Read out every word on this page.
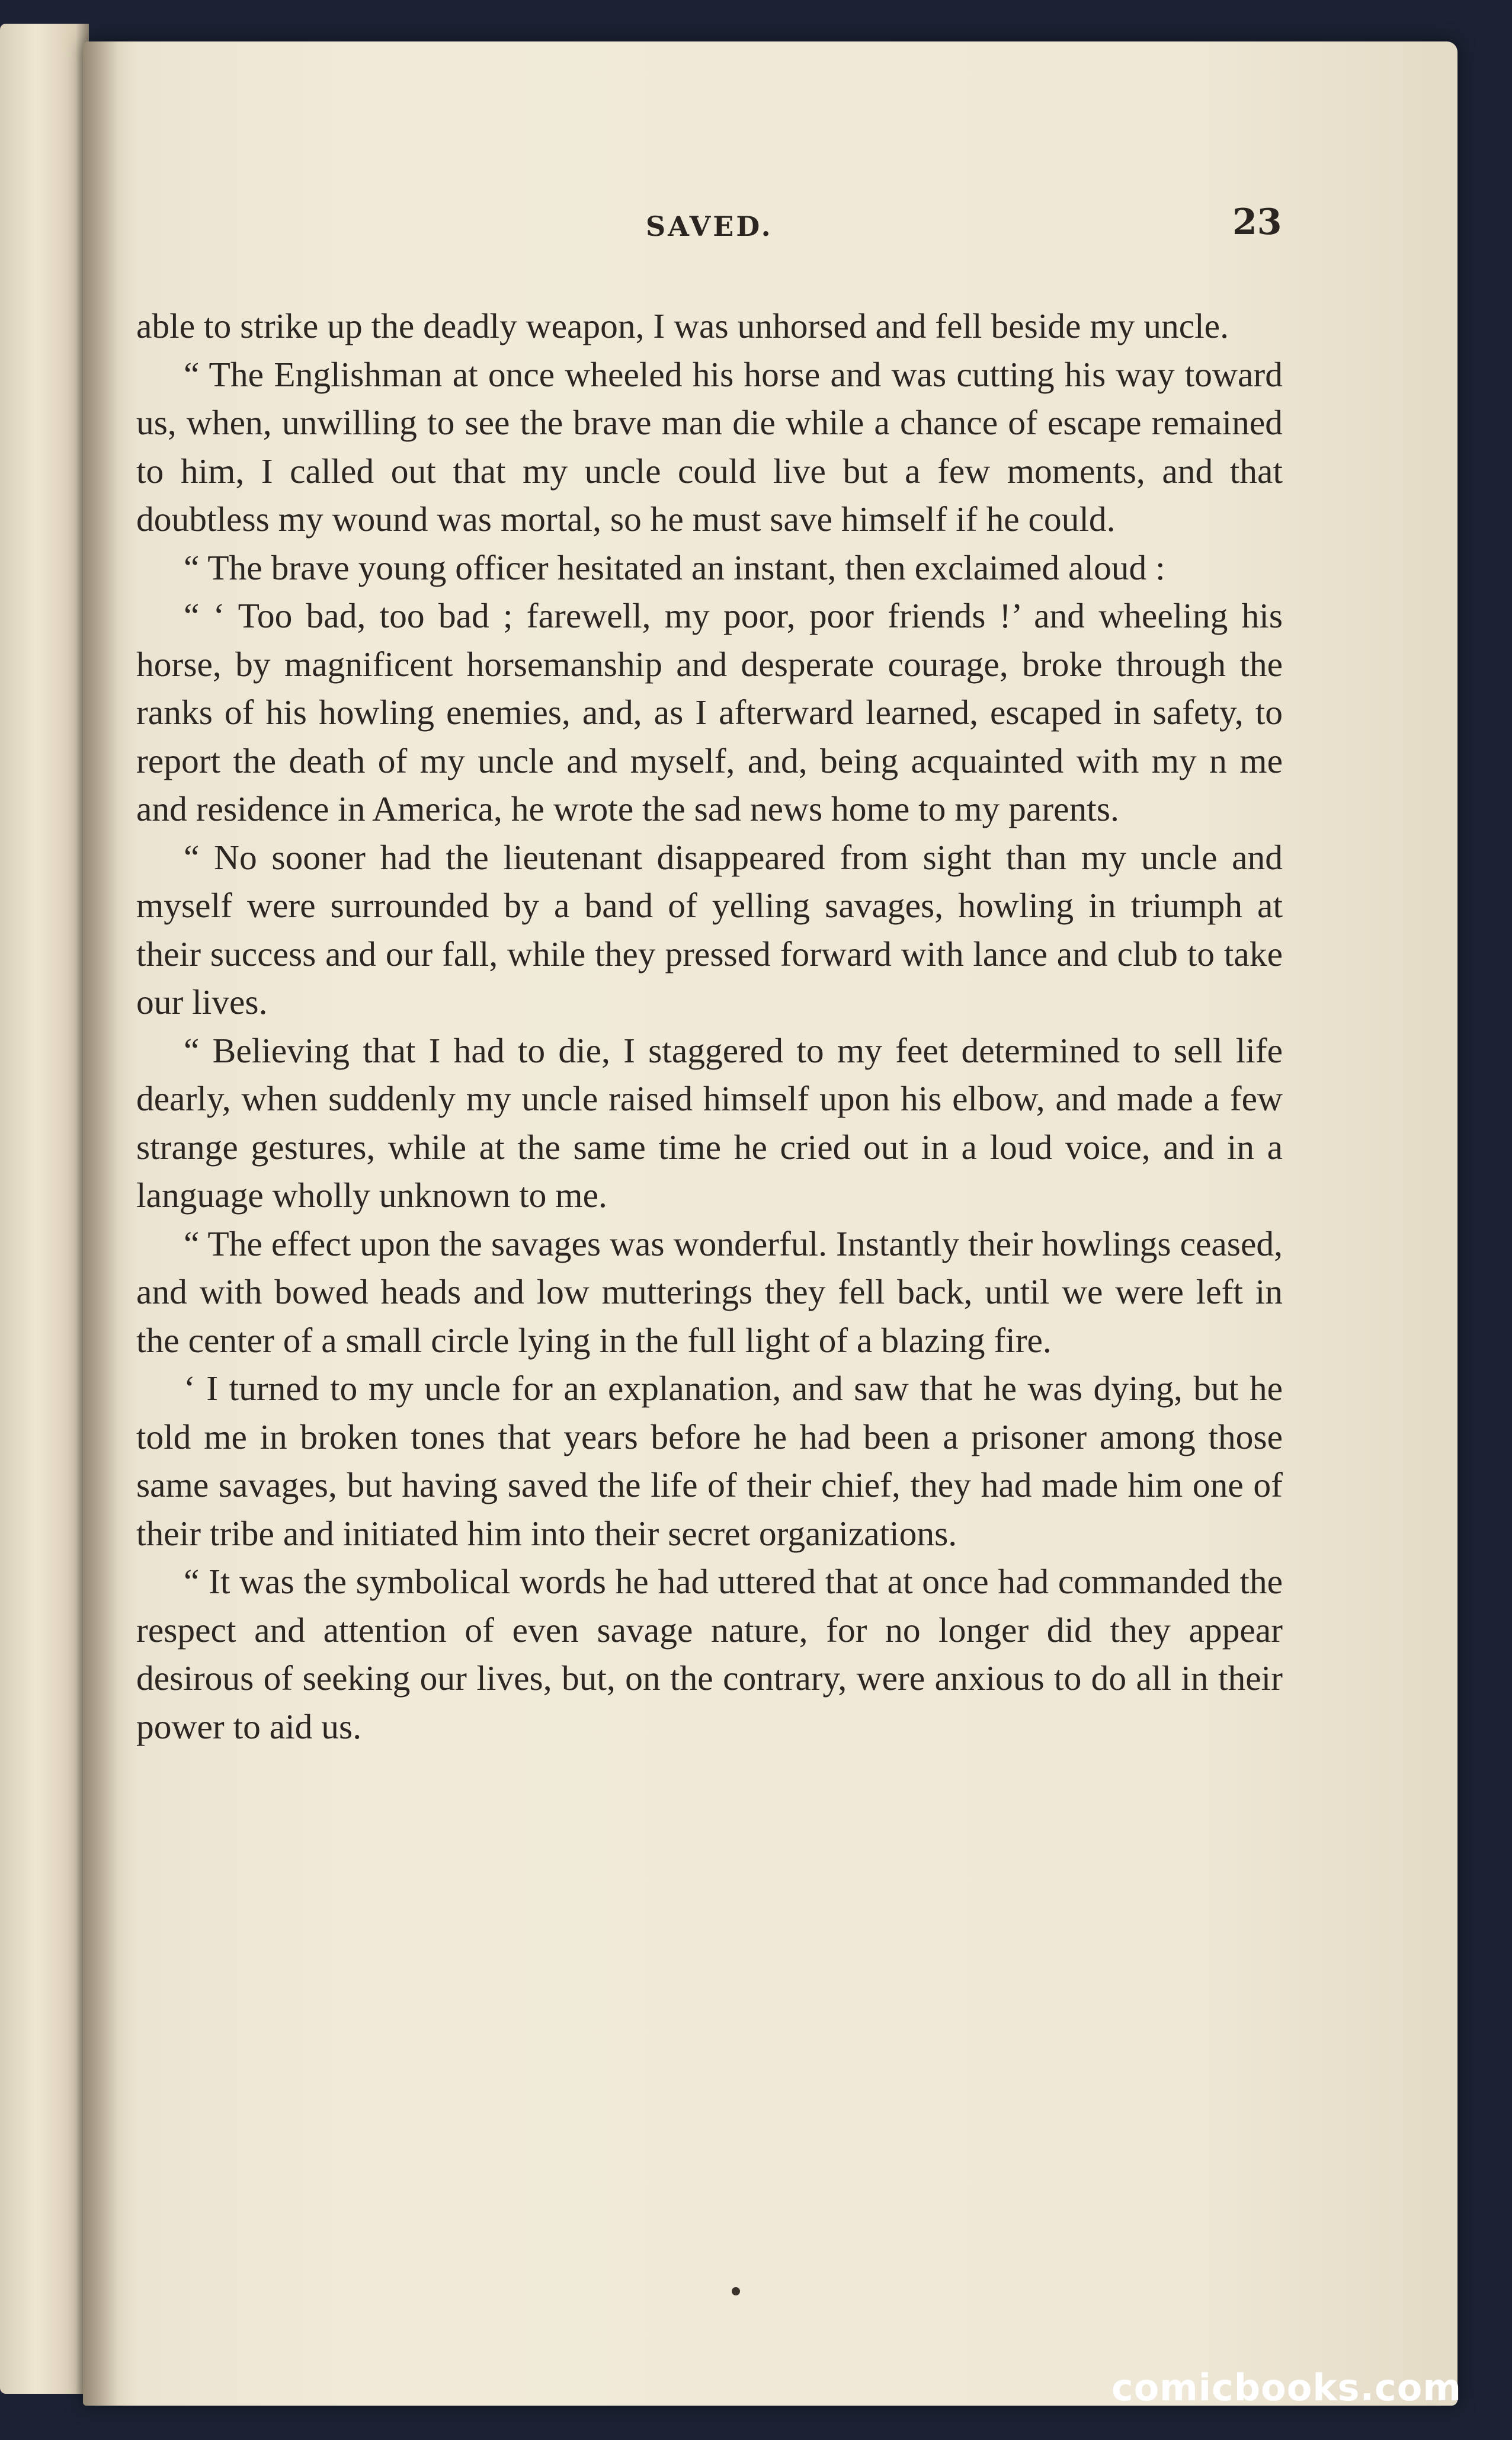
SAVED.	23

able to strike up the deadly weapon, I was unhorsed and fell beside my uncle.

“ The Englishman at once wheeled his horse and was cutting his way toward us, when, unwilling to see the brave man die while a chance of escape remained to him, I called out that my uncle could live but a few moments, and that doubtless my wound was mortal, so he must save himself if he could.

“ The brave young officer hesitated an instant, then exclaimed aloud :

“ ‘ Too bad, too bad ; farewell, my poor, poor friends !’ and wheeling his horse, by magnificent horsemanship and desperate courage, broke through the ranks of his howling enemies, and, as I afterward learned, escaped in safety, to report the death of my uncle and myself, and, being acquainted with my n me and residence in America, he wrote the sad news home to my parents.

“ No sooner had the lieutenant disappeared from sight than my uncle and myself were surrounded by a band of yelling savages, howling in triumph at their success and our fall, while they pressed forward with lance and club to take our lives.

“ Believing that I had to die, I staggered to my feet determined to sell life dearly, when suddenly my uncle raised himself upon his elbow, and made a few strange gestures, while at the same time he cried out in a loud voice, and in a language wholly unknown to me.

“ The effect upon the savages was wonderful. Instantly their howlings ceased, and with bowed heads and low mutterings they fell back, until we were left in the center of a small circle lying in the full light of a blazing fire.

‘ I turned to my uncle for an explanation, and saw that he was dying, but he told me in broken tones that years before he had been a prisoner among those same savages, but having saved the life of their chief, they had made him one of their tribe and initiated him into their secret organizations.

“ It was the symbolical words he had uttered that at once had commanded the respect and attention of even savage nature, for no longer did they appear desirous of seeking our lives, but, on the contrary, were anxious to do all in their power to aid us.

comicbooks.com
